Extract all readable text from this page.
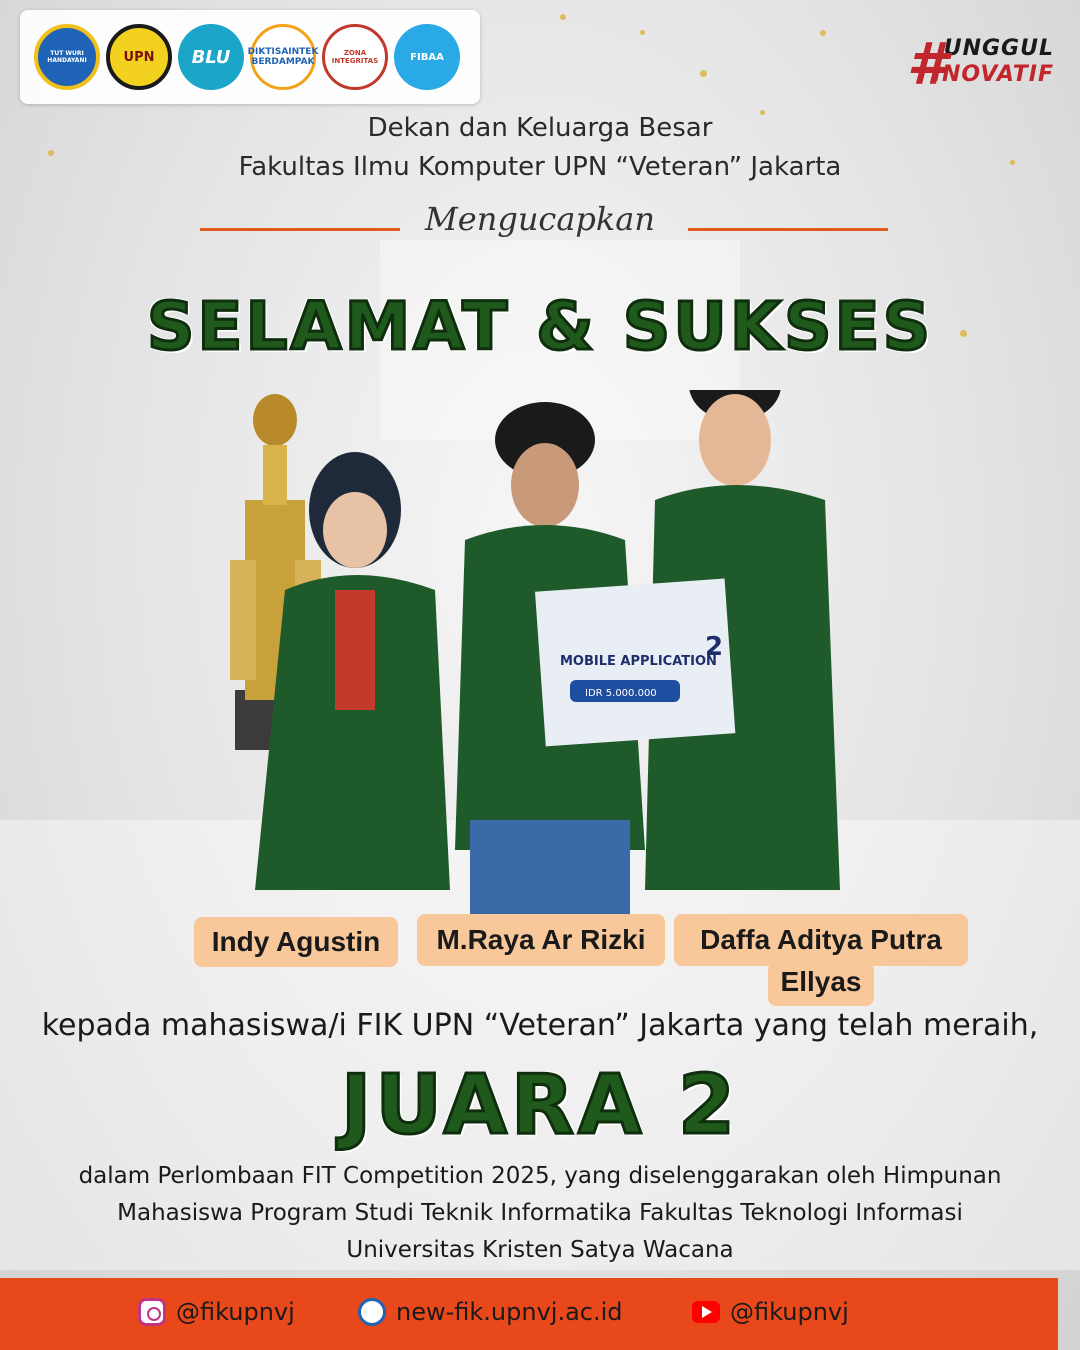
TUT WURI HANDAYANI	UPN BLU DIKTISAINTEK BERDAMPAK
ZONA INTEGRITAS	FIBAA	#
UNGGUL
INOVATIF
Dekan dan Keluarga Besar
Fakultas Ilmu Komputer UPN “Veteran” Jakarta
Mengucapkan
SELAMAT & SUKSES
MOBILE APPLICATION
IDR 5.000.000
2
Indy Agustin	M.Raya Ar Rizki	Daffa Aditya Putra
Ellyas
kepada mahasiswa/i FIK UPN “Veteran” Jakarta yang telah meraih,
JUARA 2
dalam Perlombaan FIT Competition 2025, yang diselenggarakan oleh Himpunan
Mahasiswa Program Studi Teknik Informatika Fakultas Teknologi Informasi
Universitas Kristen Satya Wacana
@fikupnvj	new-fik.upnvj.ac.id	@fikupnvj
